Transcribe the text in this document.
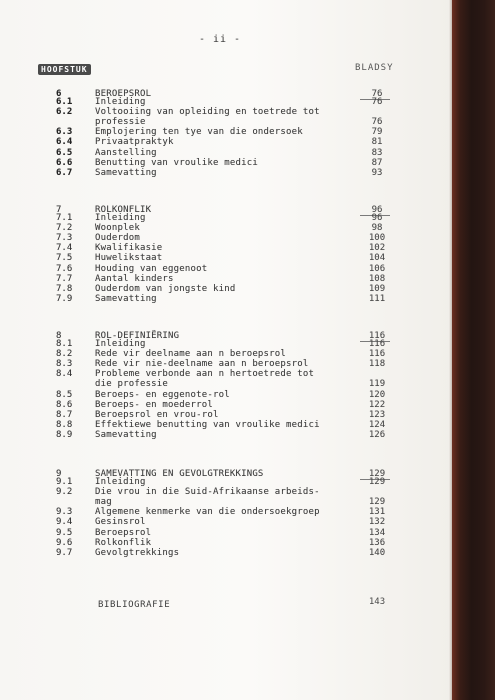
- ii -
HOOFSTUK	BLADSY
6	BEROEPSROL	76
6.1	Inleiding	76
6.2	Voltooiing van opleiding en toetrede tot
professie	76
6.3	Emplojering ten tye van die ondersoek	79
6.4	Privaatpraktyk	81
6.5	Aanstelling	83
6.6	Benutting van vroulike medici	87
6.7	Samevatting	93
7	ROLKONFLIK	96
7.1	Inleiding	96
7.2	Woonplek	98
7.3	Ouderdom	100
7.4	Kwalifikasie	102
7.5	Huwelikstaat	104
7.6	Houding van eggenoot	106
7.7	Aantal kinders	108
7.8	Ouderdom van jongste kind	109
7.9	Samevatting	111
8	ROL-DEFINIËRING	116
8.1	Inleiding	116
8.2	Rede vir deelname aan n beroepsrol	116
8.3	Rede vir nie-deelname aan n beroepsrol	118
8.4	Probleme verbonde aan n hertoetrede tot
die professie	119
8.5	Beroeps- en eggenote-rol	120
8.6	Beroeps- en moederrol	122
8.7	Beroepsrol en vrou-rol	123
8.8	Effektiewe benutting van vroulike medici	124
8.9	Samevatting	126
9	SAMEVATTING EN GEVOLGTREKKINGS	129
9.1	Inleiding	129
9.2	Die vrou in die Suid-Afrikaanse arbeids-
mag	129
9.3	Algemene kenmerke van die ondersoekgroep	131
9.4	Gesinsrol	132
9.5	Beroepsrol	134
9.6	Rolkonflik	136
9.7	Gevolgtrekkings	140
BIBLIOGRAFIE	143
